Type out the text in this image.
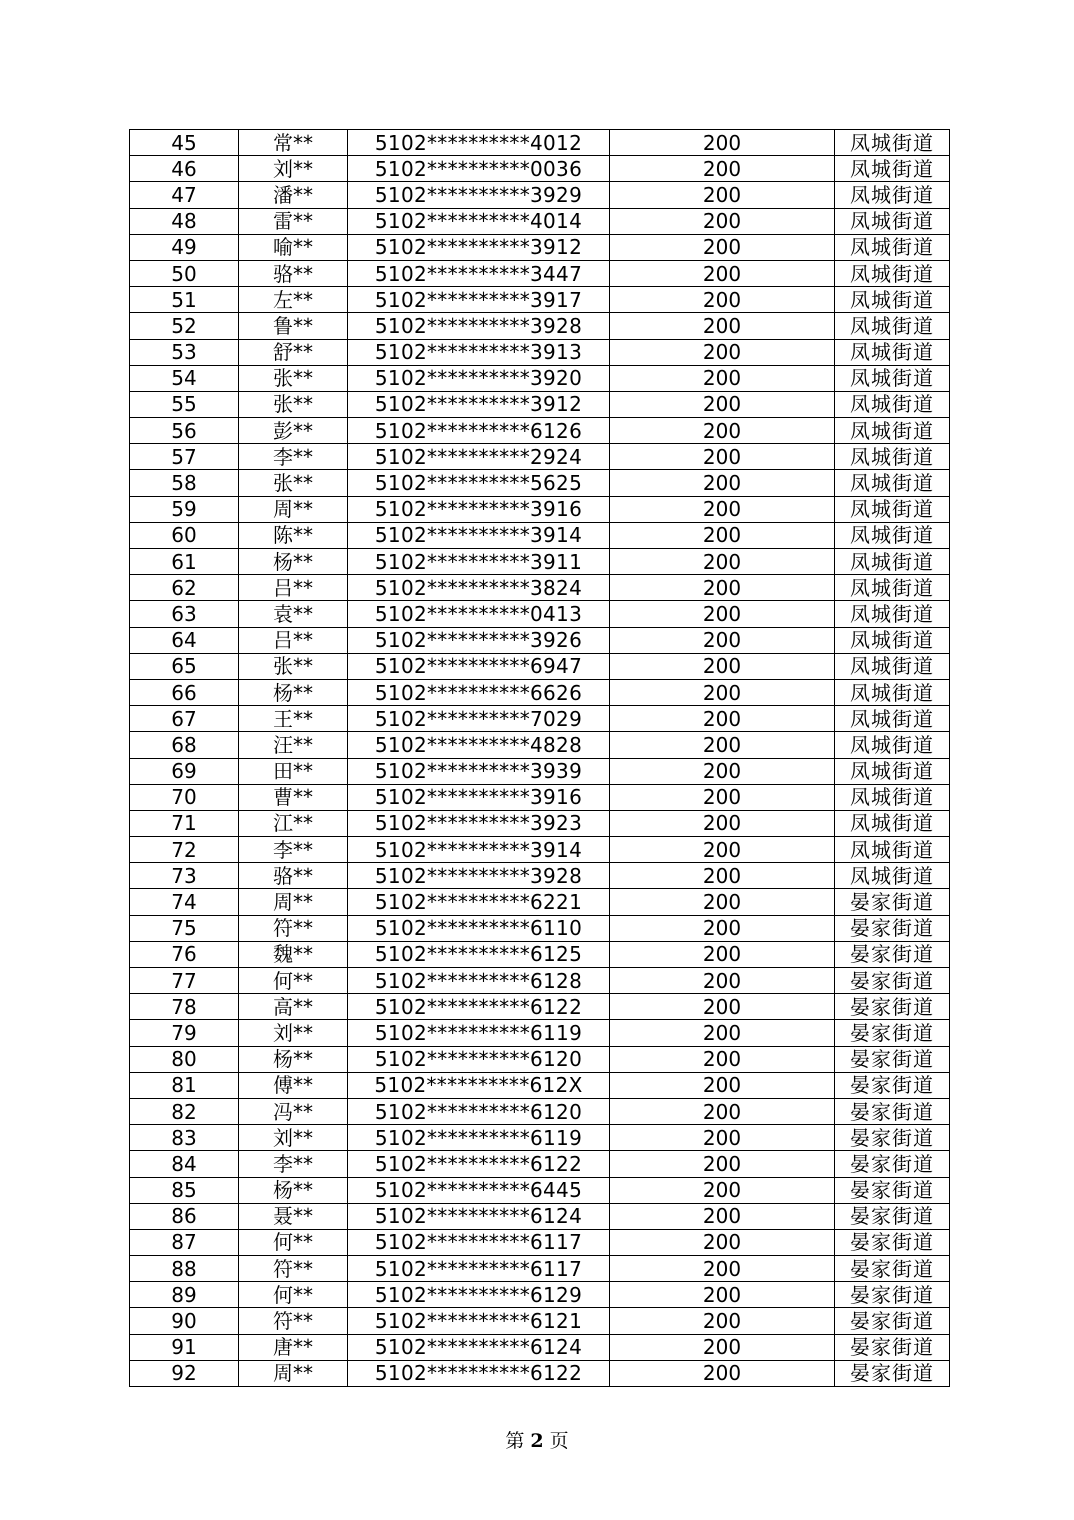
45	常**	5102**********4012	200	凤城街道
46	刘**	5102**********0036	200	凤城街道
47	潘**	5102**********3929	200	凤城街道
48	雷**	5102**********4014	200	凤城街道
49	喻**	5102**********3912	200	凤城街道
50	骆**	5102**********3447	200	凤城街道
51	左**	5102**********3917	200	凤城街道
52	鲁**	5102**********3928	200	凤城街道
53	舒**	5102**********3913	200	凤城街道
54	张**	5102**********3920	200	凤城街道
55	张**	5102**********3912	200	凤城街道
56	彭**	5102**********6126	200	凤城街道
57	李**	5102**********2924	200	凤城街道
58	张**	5102**********5625	200	凤城街道
59	周**	5102**********3916	200	凤城街道
60	陈**	5102**********3914	200	凤城街道
61	杨**	5102**********3911	200	凤城街道
62	吕**	5102**********3824	200	凤城街道
63	袁**	5102**********0413	200	凤城街道
64	吕**	5102**********3926	200	凤城街道
65	张**	5102**********6947	200	凤城街道
66	杨**	5102**********6626	200	凤城街道
67	王**	5102**********7029	200	凤城街道
68	汪**	5102**********4828	200	凤城街道
69	田**	5102**********3939	200	凤城街道
70	曹**	5102**********3916	200	凤城街道
71	江**	5102**********3923	200	凤城街道
72	李**	5102**********3914	200	凤城街道
73	骆**	5102**********3928	200	凤城街道
74	周**	5102**********6221	200	晏家街道
75	符**	5102**********6110	200	晏家街道
76	魏**	5102**********6125	200	晏家街道
77	何**	5102**********6128	200	晏家街道
78	高**	5102**********6122	200	晏家街道
79	刘**	5102**********6119	200	晏家街道
80	杨**	5102**********6120	200	晏家街道
81	傅**	5102**********612X	200	晏家街道
82	冯**	5102**********6120	200	晏家街道
83	刘**	5102**********6119	200	晏家街道
84	李**	5102**********6122	200	晏家街道
85	杨**	5102**********6445	200	晏家街道
86	聂**	5102**********6124	200	晏家街道
87	何**	5102**********6117	200	晏家街道
88	符**	5102**********6117	200	晏家街道
89	何**	5102**********6129	200	晏家街道
90	符**	5102**********6121	200	晏家街道
91	唐**	5102**********6124	200	晏家街道
92	周**	5102**********6122	200	晏家街道
第 2 页
